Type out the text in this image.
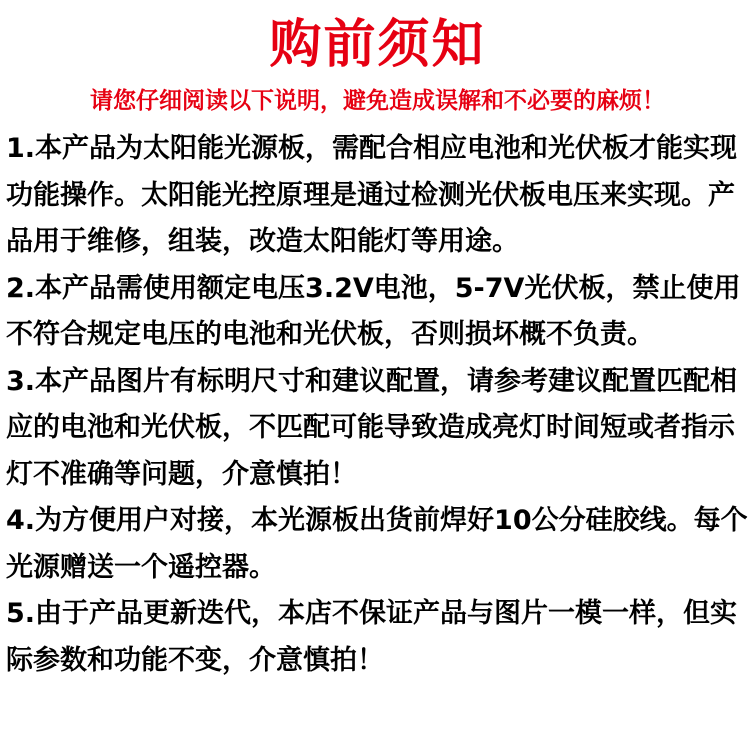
购前须知

请您仔细阅读以下说明，避免造成误解和不必要的麻烦！

1.本产品为太阳能光源板，需配合相应电池和光伏板才能实现功能操作。太阳能光控原理是通过检测光伏板电压来实现。产品用于维修，组装，改造太阳能灯等用途。
2.本产品需使用额定电压3.2V电池，5-7V光伏板，禁止使用不符合规定电压的电池和光伏板，否则损坏概不负责。
3.本产品图片有标明尺寸和建议配置，请参考建议配置匹配相应的电池和光伏板，不匹配可能导致造成亮灯时间短或者指示灯不准确等问题，介意慎拍！
4.为方便用户对接，本光源板出货前焊好10公分硅胶线。每个光源赠送一个遥控器。
5.由于产品更新迭代，本店不保证产品与图片一模一样，但实际参数和功能不变，介意慎拍！
